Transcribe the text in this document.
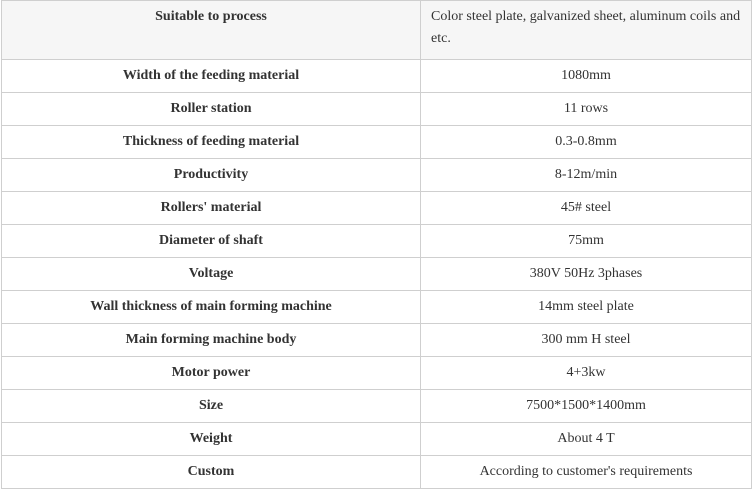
Suitable to process	Color steel plate, galvanized sheet, aluminum coils and etc.
Width of the feeding material	1080mm
Roller station	11 rows
Thickness of feeding material	0.3-0.8mm
Productivity	8-12m/min
Rollers' material	45# steel
Diameter of shaft	75mm
Voltage	380V 50Hz 3phases
Wall thickness of main forming machine	14mm steel plate
Main forming machine body	300 mm H steel
Motor power	4+3kw
Size	7500*1500*1400mm
Weight	About 4 T
Custom	According to customer's requirements
